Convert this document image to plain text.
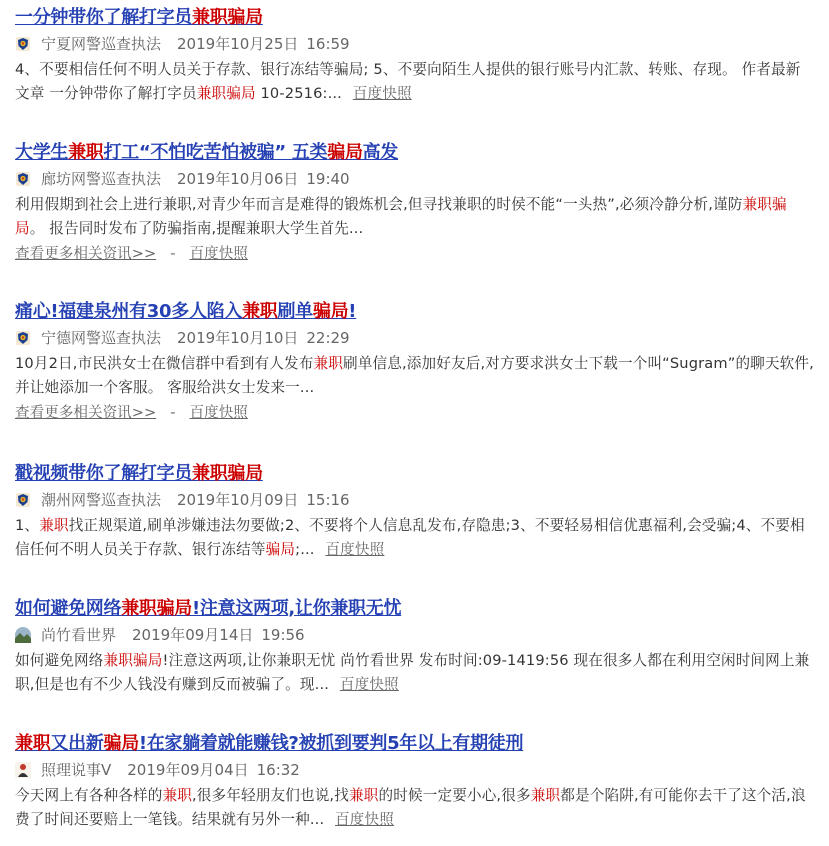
一分钟带你了解打字员兼职骗局
宁夏网警巡查执法 2019年10月25日 16:59
4、不要相信任何不明人员关于存款、银行冻结等骗局; 5、不要向陌生人提供的银行账号内汇款、转账、存现。 作者最新文章 一分钟带你了解打字员兼职骗局 10-2516:... 百度快照
大学生兼职打工“不怕吃苦怕被骗” 五类骗局高发
廊坊网警巡查执法 2019年10月06日 19:40
利用假期到社会上进行兼职,对青少年而言是难得的锻炼机会,但寻找兼职的时侯不能“一头热”,必须冷静分析,谨防兼职骗局。 报告同时发布了防骗指南,提醒兼职大学生首先...
查看更多相关资讯>> - 百度快照
痛心!福建泉州有30多人陷入兼职刷单骗局!
宁德网警巡查执法 2019年10月10日 22:29
10月2日,市民洪女士在微信群中看到有人发布兼职刷单信息,添加好友后,对方要求洪女士下载一个叫“Sugram”的聊天软件,并让她添加一个客服。 客服给洪女士发来一...
查看更多相关资讯>> - 百度快照
戳视频带你了解打字员兼职骗局
潮州网警巡查执法 2019年10月09日 15:16
1、兼职找正规渠道,刷单涉嫌违法勿要做;2、不要将个人信息乱发布,存隐患;3、不要轻易相信优惠福利,会受骗;4、不要相信任何不明人员关于存款、银行冻结等骗局;... 百度快照
如何避免网络兼职骗局!注意这两项,让你兼职无忧
尚竹看世界 2019年09月14日 19:56
如何避免网络兼职骗局!注意这两项,让你兼职无忧 尚竹看世界 发布时间:09-1419:56 现在很多人都在利用空闲时间网上兼职,但是也有不少人钱没有赚到反而被骗了。现... 百度快照
兼职又出新骗局!在家躺着就能赚钱?被抓到要判5年以上有期徒刑
照理说事V 2019年09月04日 16:32
今天网上有各种各样的兼职,很多年轻朋友们也说,找兼职的时候一定要小心,很多兼职都是个陷阱,有可能你去干了这个活,浪费了时间还要赔上一笔钱。结果就有另外一种... 百度快照
